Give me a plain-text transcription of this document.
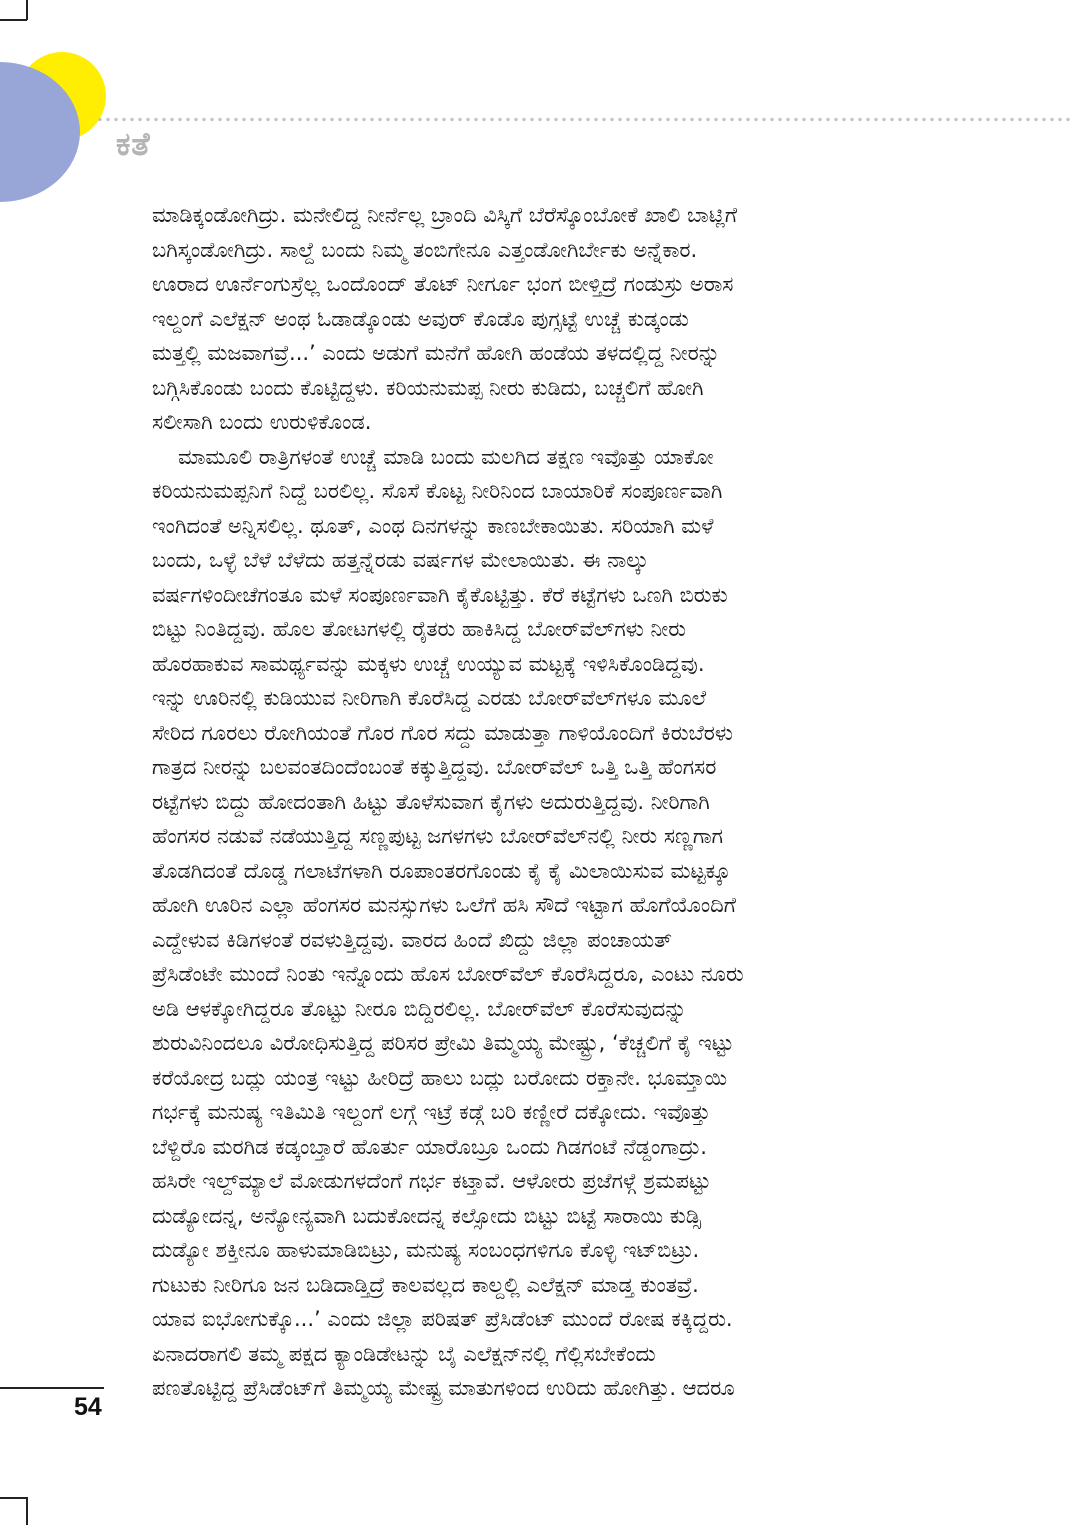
ಕತೆ
ಮಾಡಿಕ್ಕಂಡೋಗಿದ್ರು. ಮನೇಲಿದ್ದ ನೀರ್ನೆಲ್ಲ ಬ್ರಾಂದಿ ವಿಸ್ಕಿಗೆ ಬೆರೆಸ್ಕೊಂಬೋಕೆ ಖಾಲಿ ಬಾಟ್ಲಿಗೆ
ಬಗಿಸ್ಕಂಡೋಗಿದ್ರು. ಸಾಲ್ದೆ ಬಂದು ನಿಮ್ಮ ತಂಬಿಗೇನೂ ಎತ್ತಂಡೋಗಿರ್ಬೇಕು ಅನ್ನೆಕಾರ.
ಊರಾದ ಊರ್ನೆಂಗುಸ್ರೆಲ್ಲ ಒಂದೊಂದ್ ತೊಟ್ ನೀರ್ಗೂ ಭಂಗ ಬೀಳ್ತಿದ್ರೆ ಗಂಡುಸ್ರು ಅರಾಸ
ಇಲ್ದಂಗೆ ಎಲೆಕ್ಷನ್ ಅಂಥ ಓಡಾಡ್ಕೊಂಡು ಅವುರ್ ಕೊಡೊ ಪುಗ್ಸಟ್ಟೆ ಉಚ್ಚೆ ಕುಡ್ಕಂಡು
ಮತ್ತಲ್ಲಿ ಮಜವಾಗವ್ರೆ...’ ಎಂದು ಅಡುಗೆ ಮನೆಗೆ ಹೋಗಿ ಹಂಡೆಯ ತಳದಲ್ಲಿದ್ದ ನೀರನ್ನು
ಬಗ್ಗಿಸಿಕೊಂಡು ಬಂದು ಕೊಟ್ಟಿದ್ದಳು. ಕರಿಯನುಮಪ್ಪ ನೀರು ಕುಡಿದು, ಬಚ್ಚಲಿಗೆ ಹೋಗಿ
ಸಲೀಸಾಗಿ ಬಂದು ಉರುಳಿಕೊಂಡ.
ಮಾಮೂಲಿ ರಾತ್ರಿಗಳಂತೆ ಉಚ್ಚೆ ಮಾಡಿ ಬಂದು ಮಲಗಿದ ತಕ್ಷಣ ಇವೊತ್ತು ಯಾಕೋ
ಕರಿಯನುಮಪ್ಪನಿಗೆ ನಿದ್ದೆ ಬರಲಿಲ್ಲ. ಸೊಸೆ ಕೊಟ್ಟ ನೀರಿನಿಂದ ಬಾಯಾರಿಕೆ ಸಂಪೂರ್ಣವಾಗಿ
ಇಂಗಿದಂತೆ ಅನ್ನಿಸಲಿಲ್ಲ. ಥೂತ್, ಎಂಥ ದಿನಗಳನ್ನು ಕಾಣಬೇಕಾಯಿತು. ಸರಿಯಾಗಿ ಮಳೆ
ಬಂದು, ಒಳ್ಳೆ ಬೆಳೆ ಬೆಳೆದು ಹತ್ತನ್ನೆರಡು ವರ್ಷಗಳ ಮೇಲಾಯಿತು. ಈ ನಾಲ್ಕು
ವರ್ಷಗಳಿಂದೀಚೆಗಂತೂ ಮಳೆ ಸಂಪೂರ್ಣವಾಗಿ ಕೈಕೊಟ್ಟಿತ್ತು. ಕೆರೆ ಕಟ್ಟೆಗಳು ಒಣಗಿ ಬಿರುಕು
ಬಿಟ್ಟು ನಿಂತಿದ್ದವು. ಹೊಲ ತೋಟಗಳಲ್ಲಿ ರೈತರು ಹಾಕಿಸಿದ್ದ ಬೋರ್‌ವೆಲ್‌ಗಳು ನೀರು
ಹೊರಹಾಕುವ ಸಾಮರ್ಥ್ಯವನ್ನು ಮಕ್ಕಳು ಉಚ್ಚೆ ಉಯ್ಯುವ ಮಟ್ಟಕ್ಕೆ ಇಳಿಸಿಕೊಂಡಿದ್ದವು.
ಇನ್ನು ಊರಿನಲ್ಲಿ ಕುಡಿಯುವ ನೀರಿಗಾಗಿ ಕೊರೆಸಿದ್ದ ಎರಡು ಬೋರ್‌ವೆಲ್‌ಗಳೂ ಮೂಲೆ
ಸೇರಿದ ಗೂರಲು ರೋಗಿಯಂತೆ ಗೊರ ಗೊರ ಸದ್ದು ಮಾಡುತ್ತಾ ಗಾಳಿಯೊಂದಿಗೆ ಕಿರುಬೆರಳು
ಗಾತ್ರದ ನೀರನ್ನು ಬಲವಂತದಿಂದೆಂಬಂತೆ ಕಕ್ಕುತ್ತಿದ್ದವು. ಬೋರ್‌ವೆಲ್ ಒತ್ತಿ ಒತ್ತಿ ಹೆಂಗಸರ
ರಟ್ಟೆಗಳು ಬಿದ್ದು ಹೋದಂತಾಗಿ ಹಿಟ್ಟು ತೊಳೆಸುವಾಗ ಕೈಗಳು ಅದುರುತ್ತಿದ್ದವು. ನೀರಿಗಾಗಿ
ಹೆಂಗಸರ ನಡುವೆ ನಡೆಯುತ್ತಿದ್ದ ಸಣ್ಣಪುಟ್ಟ ಜಗಳಗಳು ಬೋರ್‌ವೆಲ್‌ನಲ್ಲಿ ನೀರು ಸಣ್ಣಗಾಗ
ತೊಡಗಿದಂತೆ ದೊಡ್ಡ ಗಲಾಟೆಗಳಾಗಿ ರೂಪಾಂತರಗೊಂಡು ಕೈ ಕೈ ಮಿಲಾಯಿಸುವ ಮಟ್ಟಕ್ಕೂ
ಹೋಗಿ ಊರಿನ ಎಲ್ಲಾ ಹೆಂಗಸರ ಮನಸ್ಸುಗಳು ಒಲೆಗೆ ಹಸಿ ಸೌದೆ ಇಟ್ಟಾಗ ಹೊಗೆಯೊಂದಿಗೆ
ಎದ್ದೇಳುವ ಕಿಡಿಗಳಂತೆ ರವಳುತ್ತಿದ್ದವು. ವಾರದ ಹಿಂದೆ ಖಿದ್ದು ಜಿಲ್ಲಾ ಪಂಚಾಯತ್
ಪ್ರೆಸಿಡೆಂಟೇ ಮುಂದೆ ನಿಂತು ಇನ್ನೊಂದು ಹೊಸ ಬೋರ್‌ವೆಲ್ ಕೊರೆಸಿದ್ದರೂ, ಎಂಟು ನೂರು
ಅಡಿ ಆಳಕ್ಕೋಗಿದ್ದರೂ ತೊಟ್ಟು ನೀರೂ ಬಿದ್ದಿರಲಿಲ್ಲ. ಬೋರ್‌ವೆಲ್ ಕೊರೆಸುವುದನ್ನು
ಶುರುವಿನಿಂದಲೂ ವಿರೋಧಿಸುತ್ತಿದ್ದ ಪರಿಸರ ಪ್ರೇಮಿ ತಿಮ್ಮಯ್ಯ ಮೇಷ್ಟ್ರು, ‘ಕೆಚ್ಚಲಿಗೆ ಕೈ ಇಟ್ಟು
ಕರೆಯೋದ್ರ ಬದ್ಲು ಯಂತ್ರ ಇಟ್ಟು ಹೀರಿದ್ರೆ ಹಾಲು ಬದ್ಲು ಬರೋದು ರಕ್ತಾನೇ. ಭೂಮ್ತಾಯಿ
ಗರ್ಭಕ್ಕೆ ಮನುಷ್ಯ ಇತಿಮಿತಿ ಇಲ್ದಂಗೆ ಲಗ್ಗೆ ಇಟ್ರೆ ಕಡ್ಗೆ ಬರಿ ಕಣ್ಣೀರೆ ದಕ್ಕೋದು. ಇವೊತ್ತು
ಬೆಳ್ದಿರೊ ಮರಗಿಡ ಕಡ್ಕಂಬ್ತಾರೆ ಹೊರ್ತು ಯಾರೊಬ್ರೂ ಒಂದು ಗಿಡಗಂಟೆ ನೆಡ್ದಂಗಾದ್ರು.
ಹಸಿರೇ ಇಲ್ದ್‌ಮ್ಯಾಲೆ ಮೋಡುಗಳದೆಂಗೆ ಗರ್ಭ ಕಟ್ತಾವೆ. ಆಳೋರು ಪ್ರಜೆಗಳ್ಗೆ ಶ್ರಮಪಟ್ಟು
ದುಡ್ಯೋದನ್ನ, ಅನ್ಯೋನ್ಯವಾಗಿ ಬದುಕೋದನ್ನ ಕಲ್ಸೋದು ಬಿಟ್ಟು ಬಿಟ್ಟೆ ಸಾರಾಯಿ ಕುಡ್ಸಿ
ದುಡ್ಯೋ ಶಕ್ತೀನೂ ಹಾಳುಮಾಡಿಬಿಟ್ರು, ಮನುಷ್ಯ ಸಂಬಂಧಗಳಿಗೂ ಕೊಳ್ಳಿ ಇಟ್‌ಬಿಟ್ರು.
ಗುಟುಕು ನೀರಿಗೂ ಜನ ಬಡಿದಾಡ್ತಿದ್ರೆ ಕಾಲವಲ್ಲದ ಕಾಲ್ದಲ್ಲಿ ಎಲೆಕ್ಷನ್ ಮಾಡ್ತ ಕುಂತವ್ರೆ.
ಯಾವ ಐಭೋಗುಕ್ಕೊ...’ ಎಂದು ಜಿಲ್ಲಾ ಪರಿಷತ್ ಪ್ರೆಸಿಡೆಂಟ್ ಮುಂದೆ ರೋಷ ಕಕ್ಕಿದ್ದರು.
ಏನಾದರಾಗಲಿ ತಮ್ಮ ಪಕ್ಷದ ಕ್ಯಾಂಡಿಡೇಟನ್ನು ಬೈ ಎಲೆಕ್ಷನ್‌ನಲ್ಲಿ ಗೆಲ್ಲಿಸಬೇಕೆಂದು
ಪಣತೊಟ್ಟಿದ್ದ ಪ್ರೆಸಿಡೆಂಟ್‌ಗೆ ತಿಮ್ಮಯ್ಯ ಮೇಷ್ಟ್ರ ಮಾತುಗಳಿಂದ ಉರಿದು ಹೋಗಿತ್ತು. ಆದರೂ
54
